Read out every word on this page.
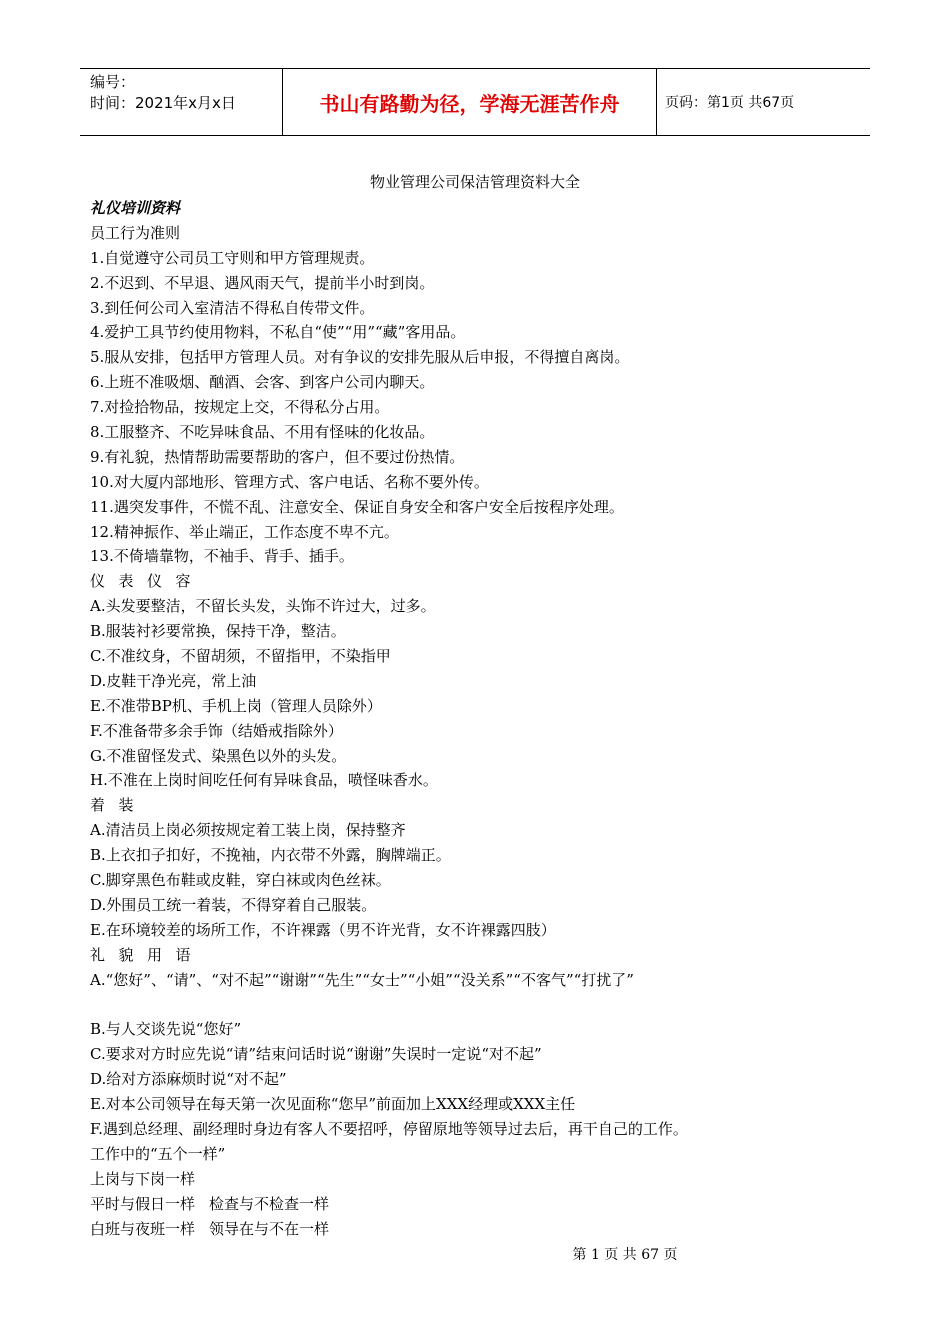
编号：
时间：2021年x月x日	书山有路勤为径，学海无涯苦作舟	页码：第1页 共67页
物业管理公司保洁管理资料大全
礼仪培训资料
员工行为准则
1.自觉遵守公司员工守则和甲方管理规责。
2.不迟到、不早退、遇风雨天气，提前半小时到岗。
3.到任何公司入室清洁不得私自传带文件。
4.爱护工具节约使用物料，不私自“使”“用”“藏”客用品。
5.服从安排，包括甲方管理人员。对有争议的安排先服从后申报，不得擅自离岗。
6.上班不准吸烟、酗酒、会客、到客户公司内聊天。
7.对捡拾物品，按规定上交，不得私分占用。
8.工服整齐、不吃异味食品、不用有怪味的化妆品。
9.有礼貌，热情帮助需要帮助的客户，但不要过份热情。
10.对大厦内部地形、管理方式、客户电话、名称不要外传。
11.遇突发事件，不慌不乱、注意安全、保证自身安全和客户安全后按程序处理。
12.精神振作、举止端正，工作态度不卑不亢。
13.不倚墙靠物，不袖手、背手、插手。
仪表仪容
A.头发要整洁，不留长头发，头饰不许过大，过多。
B.服装衬衫要常换，保持干净，整洁。
C.不准纹身，不留胡须，不留指甲，不染指甲
D.皮鞋干净光亮，常上油
E.不准带BP机、手机上岗（管理人员除外）
F.不准备带多余手饰（结婚戒指除外）
G.不准留怪发式、染黑色以外的头发。
H.不准在上岗时间吃任何有异味食品，喷怪味香水。
着装
A.清洁员上岗必须按规定着工装上岗，保持整齐
B.上衣扣子扣好，不挽袖，内衣带不外露，胸牌端正。
C.脚穿黑色布鞋或皮鞋，穿白袜或肉色丝袜。
D.外围员工统一着装，不得穿着自己服装。
E.在环境较差的场所工作，不许裸露（男不许光背，女不许裸露四肢）
礼貌用语
A.“您好”、“请”、“对不起”“谢谢”“先生”“女士”“小姐”“没关系”“不客气”“打扰了”
B.与人交谈先说“您好”
C.要求对方时应先说“请”结束问话时说“谢谢”失误时一定说“对不起”
D.给对方添麻烦时说“对不起”
E.对本公司领导在每天第一次见面称“您早”前面加上XXX经理或XXX主任
F.遇到总经理、副经理时身边有客人不要招呼，停留原地等领导过去后，再干自己的工作。
工作中的“五个一样”
上岗与下岗一样
平时与假日一样 检查与不检查一样
白班与夜班一样 领导在与不在一样
第 1 页 共 67 页
